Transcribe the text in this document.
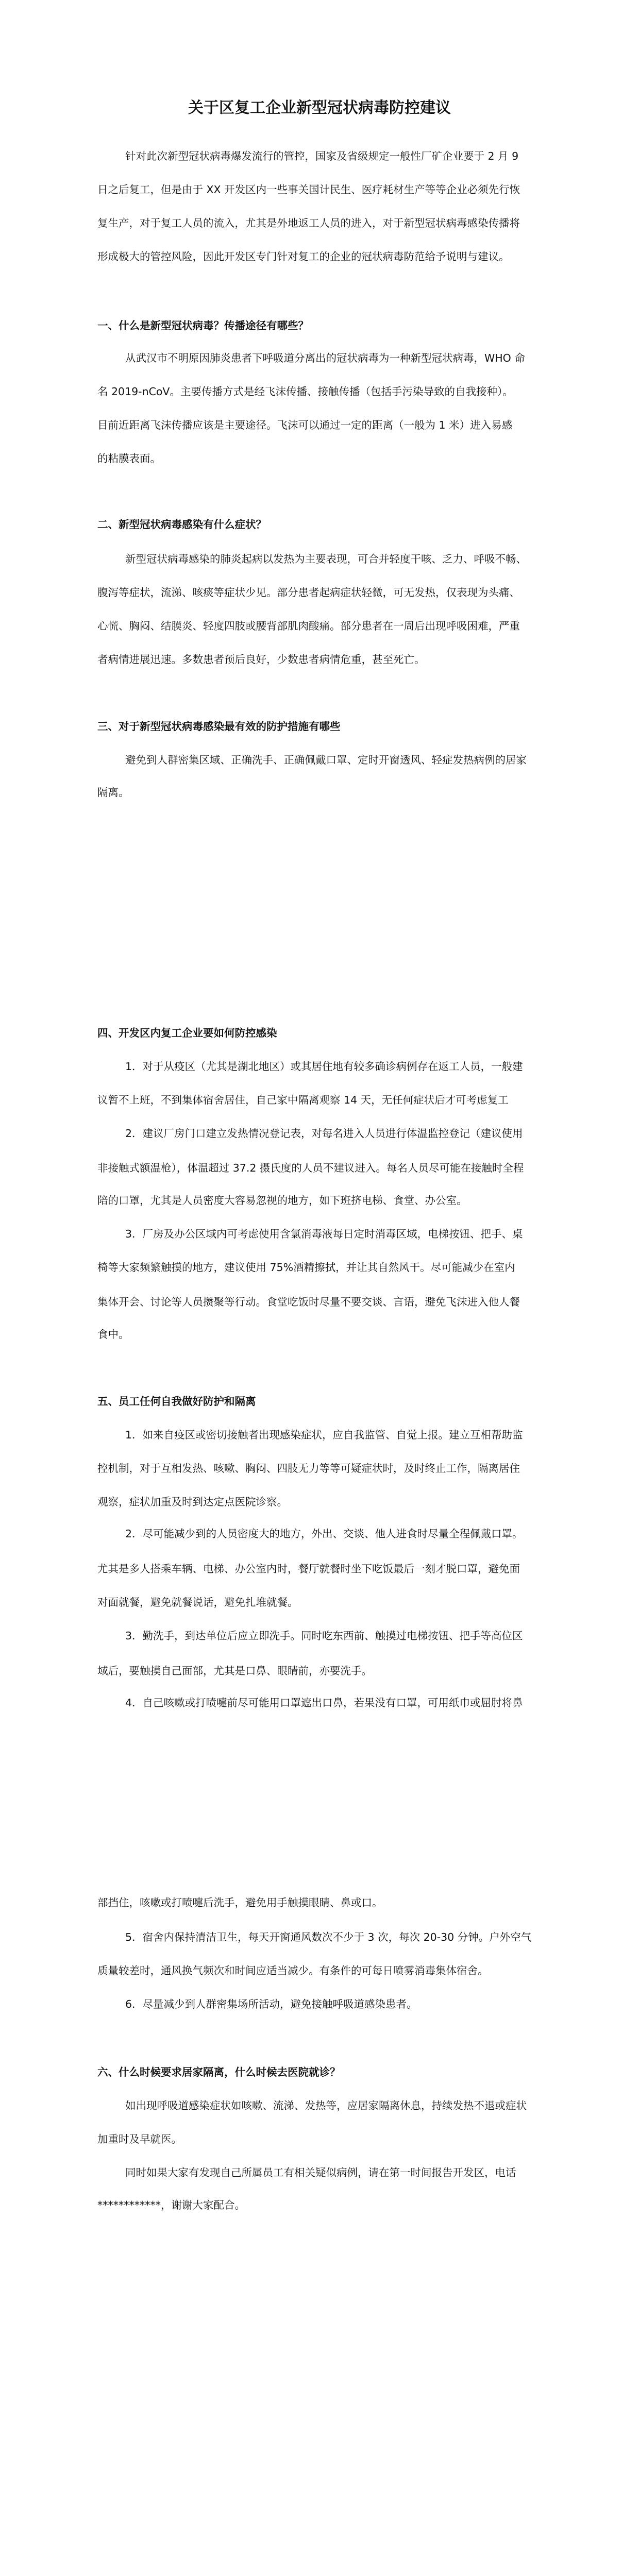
关于区复工企业新型冠状病毒防控建议
针对此次新型冠状病毒爆发流行的管控，国家及省级规定一般性厂矿企业要于 2 月 9
日之后复工，但是由于 XX 开发区内一些事关国计民生、医疗耗材生产等等企业必须先行恢
复生产，对于复工人员的流入，尤其是外地返工人员的进入，对于新型冠状病毒感染传播将
形成极大的管控风险，因此开发区专门针对复工的企业的冠状病毒防范给予说明与建议。
一、什么是新型冠状病毒？传播途径有哪些？
从武汉市不明原因肺炎患者下呼吸道分离出的冠状病毒为一种新型冠状病毒，WHO 命
名 2019-nCoV。主要传播方式是经飞沫传播、接触传播（包括手污染导致的自我接种）。
目前近距离飞沫传播应该是主要途径。飞沫可以通过一定的距离（一般为 1 米）进入易感
的粘膜表面。
二、新型冠状病毒感染有什么症状？
新型冠状病毒感染的肺炎起病以发热为主要表现，可合并轻度干咳、乏力、呼吸不畅、
腹泻等症状，流涕、咳痰等症状少见。部分患者起病症状轻微，可无发热，仅表现为头痛、
心慌、胸闷、结膜炎、轻度四肢或腰背部肌肉酸痛。部分患者在一周后出现呼吸困难，严重
者病情进展迅速。多数患者预后良好，少数患者病情危重，甚至死亡。
三、对于新型冠状病毒感染最有效的防护措施有哪些
避免到人群密集区域、正确洗手、正确佩戴口罩、定时开窗透风、轻症发热病例的居家
隔离。
四、开发区内复工企业要如何防控感染
1．对于从疫区（尤其是湖北地区）或其居住地有较多确诊病例存在返工人员，一般建
议暂不上班，不到集体宿舍居住，自己家中隔离观察 14 天，无任何症状后才可考虑复工
2．建议厂房门口建立发热情况登记表，对每名进入人员进行体温监控登记（建议使用
非接触式额温枪），体温超过 37.2 摄氏度的人员不建议进入。每名人员尽可能在接触时全程
陪的口罩，尤其是人员密度大容易忽视的地方，如下班挤电梯、食堂、办公室。
3．厂房及办公区域内可考虑使用含氯消毒液每日定时消毒区域，电梯按钮、把手、桌
椅等大家频繁触摸的地方，建议使用 75%酒精擦拭，并让其自然风干。尽可能减少在室内
集体开会、讨论等人员攒聚等行动。食堂吃饭时尽量不要交谈、言语，避免飞沫进入他人餐
食中。
五、员工任何自我做好防护和隔离
1．如来自疫区或密切接触者出现感染症状，应自我监管、自觉上报。建立互相帮助监
控机制，对于互相发热、咳嗽、胸闷、四肢无力等等可疑症状时，及时终止工作，隔离居住
观察，症状加重及时到达定点医院诊察。
2．尽可能减少到的人员密度大的地方，外出、交谈、他人进食时尽量全程佩戴口罩。
尤其是多人搭乘车辆、电梯、办公室内时，餐厅就餐时坐下吃饭最后一刻才脱口罩，避免面
对面就餐，避免就餐说话，避免扎堆就餐。
3．勤洗手，到达单位后应立即洗手。同时吃东西前、触摸过电梯按钮、把手等高位区
域后，要触摸自己面部，尤其是口鼻、眼睛前，亦要洗手。
4．自己咳嗽或打喷嚏前尽可能用口罩遮出口鼻，若果没有口罩，可用纸巾或屈肘将鼻
部挡住，咳嗽或打喷嚏后洗手，避免用手触摸眼睛、鼻或口。
5．宿舍内保持清洁卫生，每天开窗通风数次不少于 3 次，每次 20-30 分钟。户外空气
质量较差时，通风换气频次和时间应适当减少。有条件的可每日喷雾消毒集体宿舍。
6．尽量减少到人群密集场所活动，避免接触呼吸道感染患者。
六、什么时候要求居家隔离，什么时候去医院就诊？
如出现呼吸道感染症状如咳嗽、流涕、发热等，应居家隔离休息，持续发热不退或症状
加重时及早就医。
同时如果大家有发现自己所属员工有相关疑似病例，请在第一时间报告开发区，电话
************，谢谢大家配合。
